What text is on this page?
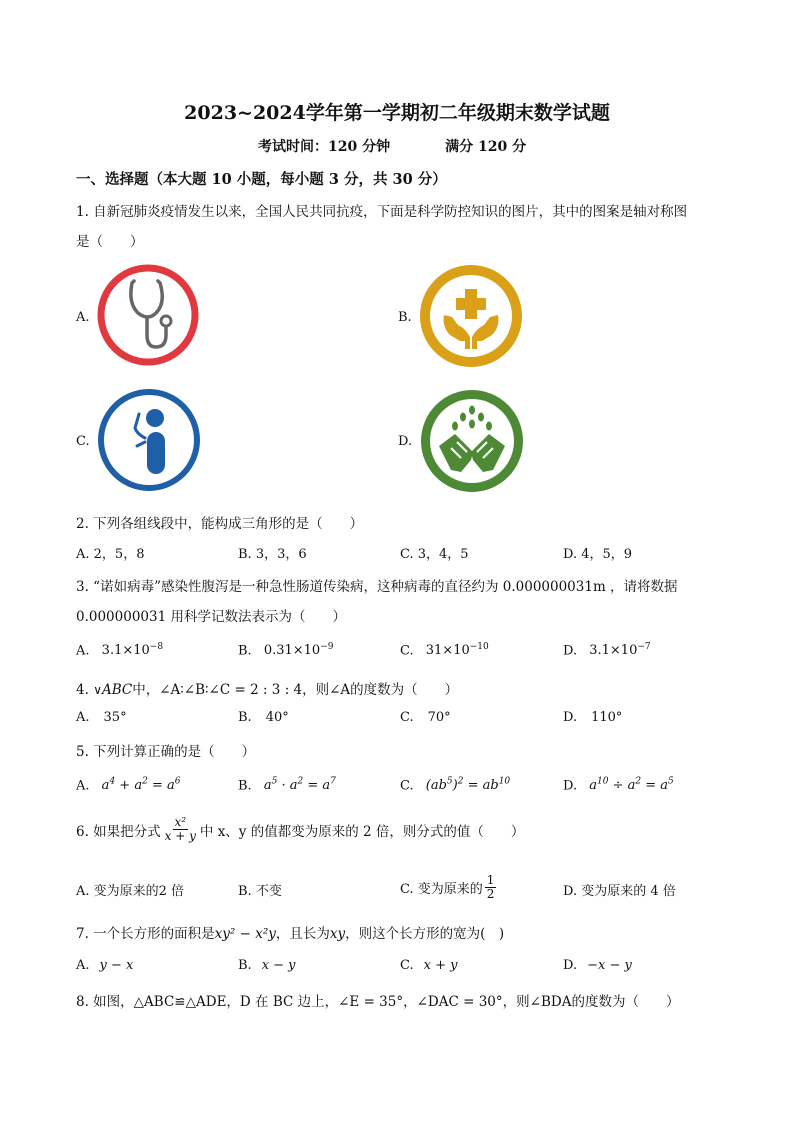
2023~2024学年第一学期初二年级期末数学试题
考试时间：120 分钟	满分 120 分
一、选择题（本大题 10 小题，每小题 3 分，共 30 分）
1. 自新冠肺炎疫情发生以来，全国人民共同抗疫，下面是科学防控知识的图片，其中的图案是轴对称图
是（　　）
A.	B.
C.	D.
2. 下列各组线段中，能构成三角形的是（　　）
A. 2，5，8	B. 3，3，6	C. 3，4，5	D. 4，5，9
3. “诺如病毒”感染性腹泻是一种急性肠道传染病，这种病毒的直径约为 0.000000031m ，请将数据
0.000000031 用科学记数法表示为（　　）
A. $3.1\times 10^{-8}$	B. $0.31\times 10^{-9}$	C. $31\times 10^{-10}$	D. $3.1\times 10^{-7}$
4. ∨ABC中，∠A∶∠B∶∠C = 2 : 3 : 4，则∠A的度数为（　　）
A. 35°	B. 40°	C. 70°	D. 110°
5. 下列计算正确的是（　　）
A. $a^4 + a^2 = a^6$	B. $a^5 \cdot a^2 = a^7$	C. $(ab^5)^2 = ab^{10}$	D. $a^{10} \div a^2 = a^5$
6. 如果把分式 $\frac{\text{x²}}{x + y}$ 中 x、y 的值都变为原来的 2 倍，则分式的值（　　）
A. 变为原来的2 倍	B. 不变	C. 变为原来的 $\frac{1}{2}$	D. 变为原来的 4 倍
7. 一个长方形的面积是xy² − x²y，且长为xy，则这个长方形的宽为(　)
A. y − x	B. x − y	C. x + y	D. −x − y
8. 如图，△ABC≌△ADE，D 在 BC 边上，∠E = 35°，∠DAC = 30°，则∠BDA的度数为（　　）
